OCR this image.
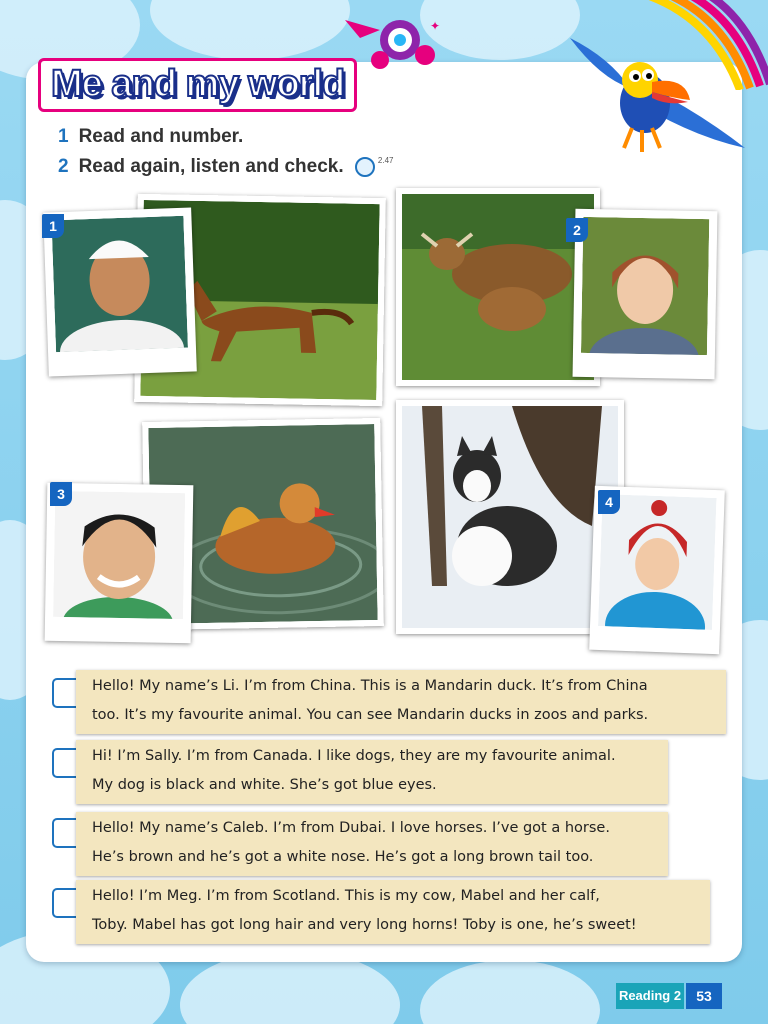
✦
Me and my world
1 Read and number.
2 Read again, listen and check.	$^{2.47}$
1	2
3	4
Hello! My name’s Li. I’m from China. This is a Mandarin duck. It’s from China
too. It’s my favourite animal. You can see Mandarin ducks in zoos and parks.
Hi! I’m Sally. I’m from Canada. I like dogs, they are my favourite animal.
My dog is black and white. She’s got blue eyes.
Hello! My name’s Caleb. I’m from Dubai. I love horses. I’ve got a horse.
He’s brown and he’s got a white nose. He’s got a long brown tail too.
Hello! I’m Meg. I’m from Scotland. This is my cow, Mabel and her calf,
Toby. Mabel has got long hair and very long horns! Toby is one, he’s sweet!
Reading 2	53
